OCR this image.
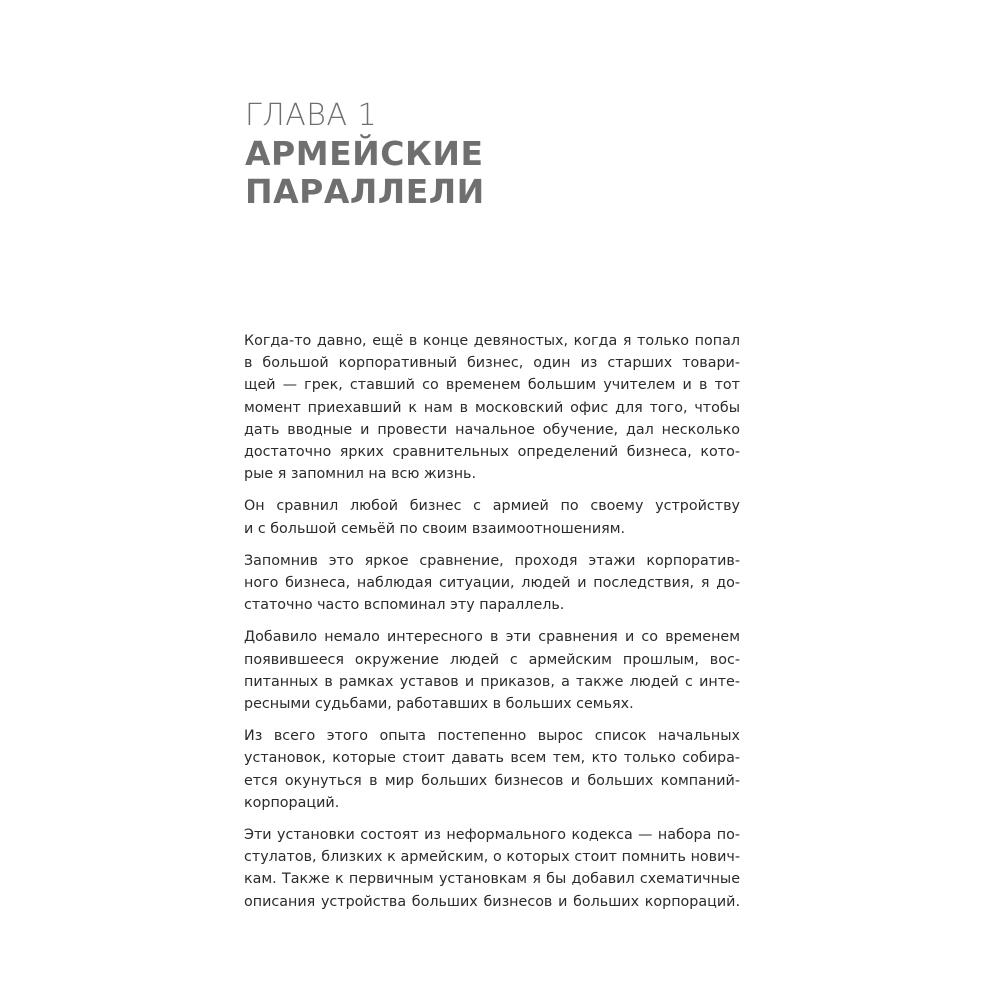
ГЛАВА 1
АРМЕЙСКИЕ
ПАРАЛЛЕЛИ

Когда-то давно, ещё в конце девяностых, когда я только попал
в большой корпоративный бизнес, один из старших товари-
щей — грек, ставший со временем большим учителем и в тот
момент приехавший к нам в московский офис для того, чтобы
дать вводные и провести начальное обучение, дал несколько
достаточно ярких сравнительных определений бизнеса, кото-
рые я запомнил на всю жизнь.

Он сравнил любой бизнес с армией по своему устройству
и с большой семьёй по своим взаимоотношениям.

Запомнив это яркое сравнение, проходя этажи корпоратив-
ного бизнеса, наблюдая ситуации, людей и последствия, я до-
статочно часто вспоминал эту параллель.

Добавило немало интересного в эти сравнения и со временем
появившееся окружение людей с армейским прошлым, вос-
питанных в рамках уставов и приказов, а также людей с инте-
ресными судьбами, работавших в больших семьях.

Из всего этого опыта постепенно вырос список начальных
установок, которые стоит давать всем тем, кто только собира-
ется окунуться в мир больших бизнесов и больших компаний-
корпораций.

Эти установки состоят из неформального кодекса — набора по-
стулатов, близких к армейским, о которых стоит помнить нович-
кам. Также к первичным установкам я бы добавил схематичные
описания устройства больших бизнесов и больших корпораций.
